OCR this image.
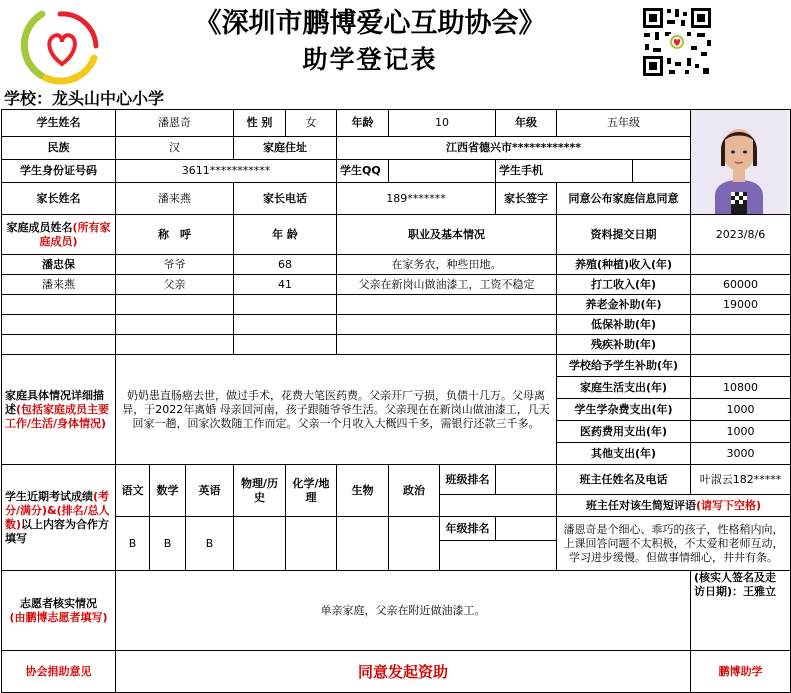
《深圳市鹏博爱心互助协会》
助学登记表
学校：龙头山中心小学
学生姓名	潘恩奇			性 别	女	年龄	10		年级	五年级	

民族	汉			家庭住址		江西省德兴市************						
学生身份证号码	3611***********					学生QQ			学生手机			
家长姓名	潘来燕			家长电话		189*******			家长签字	同意公布家庭信息同意		
家庭成员姓名(所有家庭成员)	称　呼			年 龄		职业及基本情况				资料提交日期		2023/8/6
潘忠保	爷爷			68		在家务农，种些田地。				养殖(种植)收入(年)		
潘来燕	父亲			41		父亲在新岗山做油漆工，工资不稳定				打工收入(年)		60000
										养老金补助(年)		19000
										低保补助(年)		
										残疾补助(年)		
家庭具体情况详细描述(包括家庭成员主要工作/生活/身体情况)	奶奶患直肠癌去世，做过手术，花费大笔医药费。父亲开厂亏损，负债十几万。父母离异，于2022年离婚 母亲回河南，孩子跟随爷爷生活。父亲现在在新岗山做油漆工，几天回家一趟，回家次数随工作而定。父亲一个月收入大概四千多，需银行还款三千多。									学校给予学生补助(年)		
										家庭生活支出(年)		10800
										学生学杂费支出(年)		1000
										医药费用支出(年)		1000
										其他支出(年)		3000
学生近期考试成绩(考分/满分)&(排名/总人数)以上内容为合作方填写	语文	数学	英语	物理/历史	化学/地理	生物	政治	班级排名		班主任姓名及电话		叶淑云182*****
										班主任对该生简短评语(请写下空格)		
	B	B	B					年级排名		潘恩奇是个细心、乖巧的孩子，性格稍内向，上课回答问题不太积极，不太爱和老师互动，学习进步缓慢。但做事情细心，井井有条。		

志愿者核实情况
(由鹏博志愿者填写)	单亲家庭，父亲在附近做油漆工。											(核实人签名及走访日期)：王雅立
协会捐助意见	同意发起资助											鹏博助学
